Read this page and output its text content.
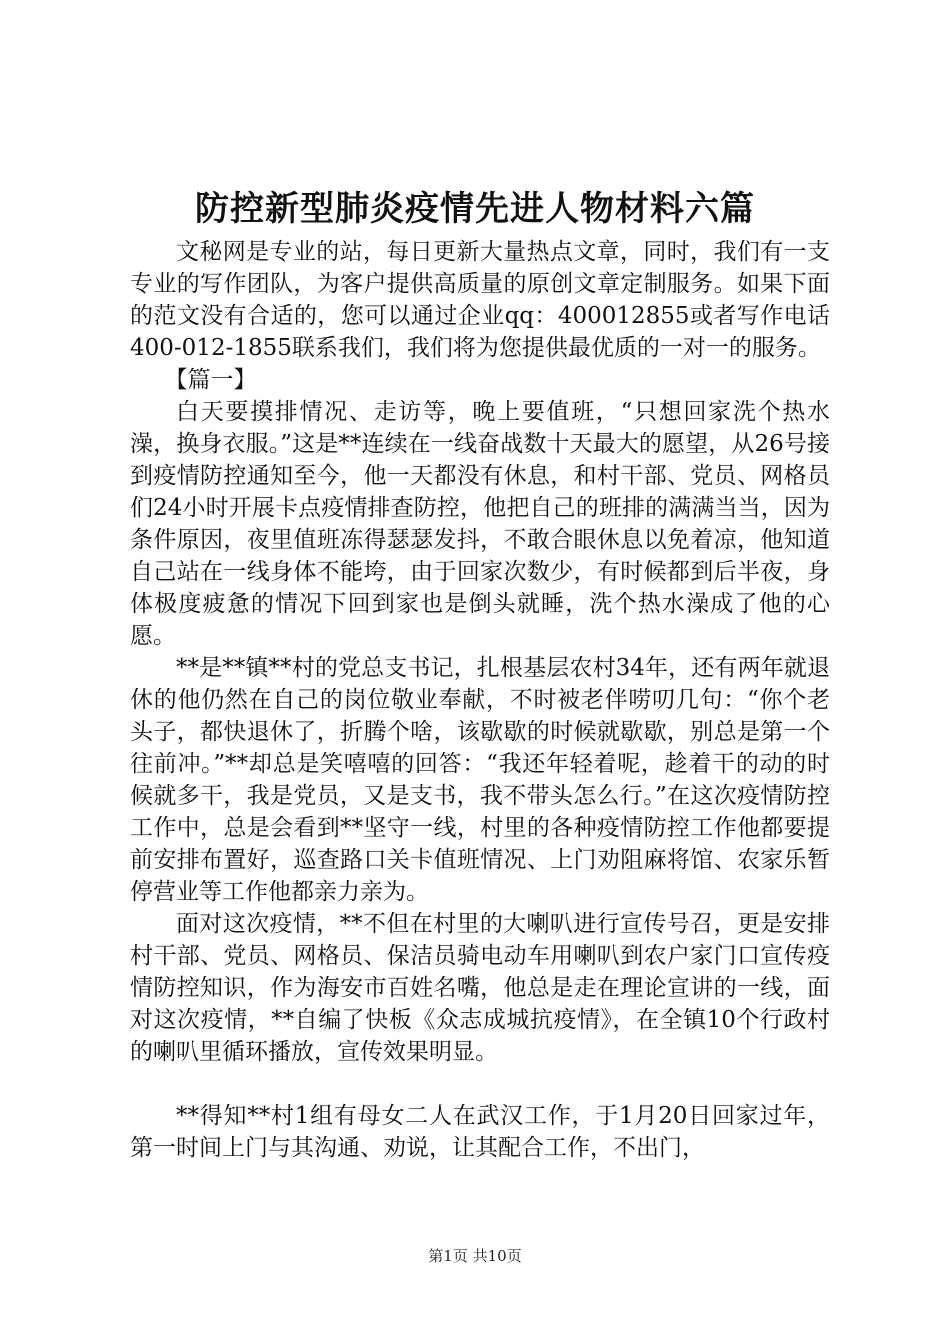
防控新型肺炎疫情先进人物材料六篇

文秘网是专业的站，每日更新大量热点文章，同时，我们有一支专业的写作团队，为客户提供高质量的原创文章定制服务。如果下面的范文没有合适的，您可以通过企业qq：400012855或者写作电话400-012-1855联系我们，我们将为您提供最优质的一对一的服务。

【篇一】

白天要摸排情况、走访等，晚上要值班，“只想回家洗个热水澡，换身衣服。”这是**连续在一线奋战数十天最大的愿望，从26号接到疫情防控通知至今，他一天都没有休息，和村干部、党员、网格员们24小时开展卡点疫情排查防控，他把自己的班排的满满当当，因为条件原因，夜里值班冻得瑟瑟发抖，不敢合眼休息以免着凉，他知道自己站在一线身体不能垮，由于回家次数少，有时候都到后半夜，身体极度疲惫的情况下回到家也是倒头就睡，洗个热水澡成了他的心愿。

**是**镇**村的党总支书记，扎根基层农村34年，还有两年就退休的他仍然在自己的岗位敬业奉献，不时被老伴唠叨几句：“你个老头子，都快退休了，折腾个啥，该歇歇的时候就歇歇，别总是第一个往前冲。”**却总是笑嘻嘻的回答：“我还年轻着呢，趁着干的动的时候就多干，我是党员，又是支书，我不带头怎么行。”在这次疫情防控工作中，总是会看到**坚守一线，村里的各种疫情防控工作他都要提前安排布置好，巡查路口关卡值班情况、上门劝阻麻将馆、农家乐暂停营业等工作他都亲力亲为。

面对这次疫情，**不但在村里的大喇叭进行宣传号召，更是安排村干部、党员、网格员、保洁员骑电动车用喇叭到农户家门口宣传疫情防控知识，作为海安市百姓名嘴，他总是走在理论宣讲的一线，面对这次疫情，**自编了快板《众志成城抗疫情》，在全镇10个行政村的喇叭里循环播放，宣传效果明显。

**得知**村1组有母女二人在武汉工作，于1月20日回家过年，第一时间上门与其沟通、劝说，让其配合工作，不出门，

第1页 共10页
